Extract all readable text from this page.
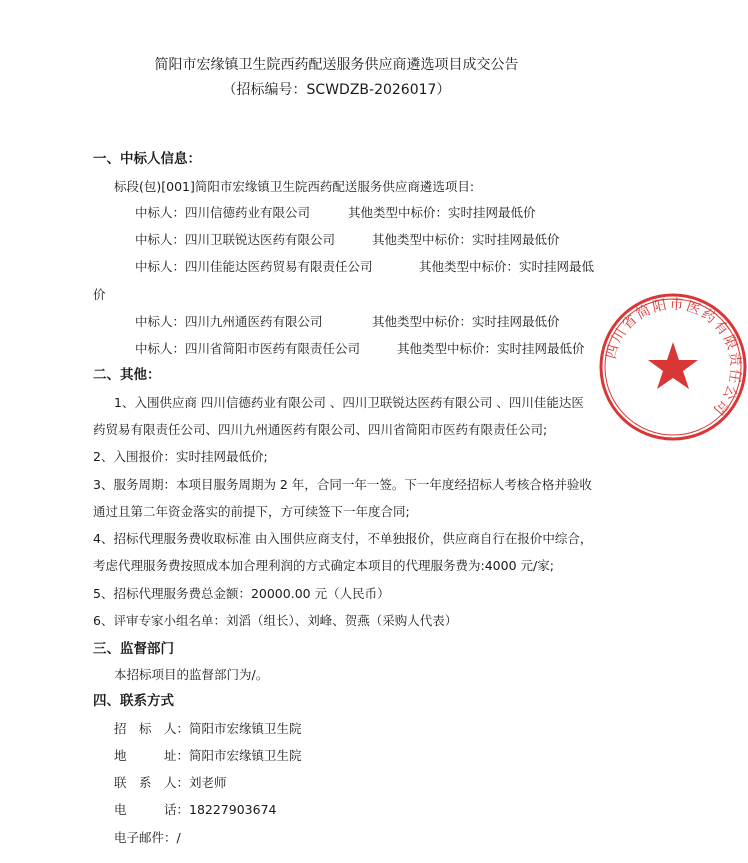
简阳市宏缘镇卫生院西药配送服务供应商遴选项目成交公告
（招标编号：SCWDZB-2026017）
一、中标人信息：
标段(包)[001]简阳市宏缘镇卫生院西药配送服务供应商遴选项目:
中标人：四川信德药业有限公司	其他类型中标价：实时挂网最低价
中标人：四川卫联锐达医药有限公司	其他类型中标价：实时挂网最低价
中标人：四川佳能达医药贸易有限责任公司	其他类型中标价：实时挂网最低
价
中标人：四川九州通医药有限公司	其他类型中标价：实时挂网最低价
中标人：四川省简阳市医药有限责任公司	其他类型中标价：实时挂网最低价
二、其他：
1、入围供应商 四川信德药业有限公司 、四川卫联锐达医药有限公司 、四川佳能达医
药贸易有限责任公司、四川九州通医药有限公司、四川省简阳市医药有限责任公司;
2、入围报价：实时挂网最低价;
3、服务周期：本项目服务周期为 2 年，合同一年一签。下一年度经招标人考核合格并验收
通过且第二年资金落实的前提下，方可续签下一年度合同;
4、招标代理服务费收取标准 由入围供应商支付，不单独报价，供应商自行在报价中综合，
考虑代理服务费按照成本加合理利润的方式确定本项目的代理服务费为:4000 元/家;
5、招标代理服务费总金额：20000.00 元（人民币）
6、评审专家小组名单：刘滔（组长）、刘峰、贺燕（采购人代表）
三、监督部门
本招标项目的监督部门为/。
四、联系方式
招　标　人：简阳市宏缘镇卫生院
地　　　址：简阳市宏缘镇卫生院
联　系　人：刘老师
电　　　话：18227903674
电子邮件：/
四川省简阳市医药有限责任公司
